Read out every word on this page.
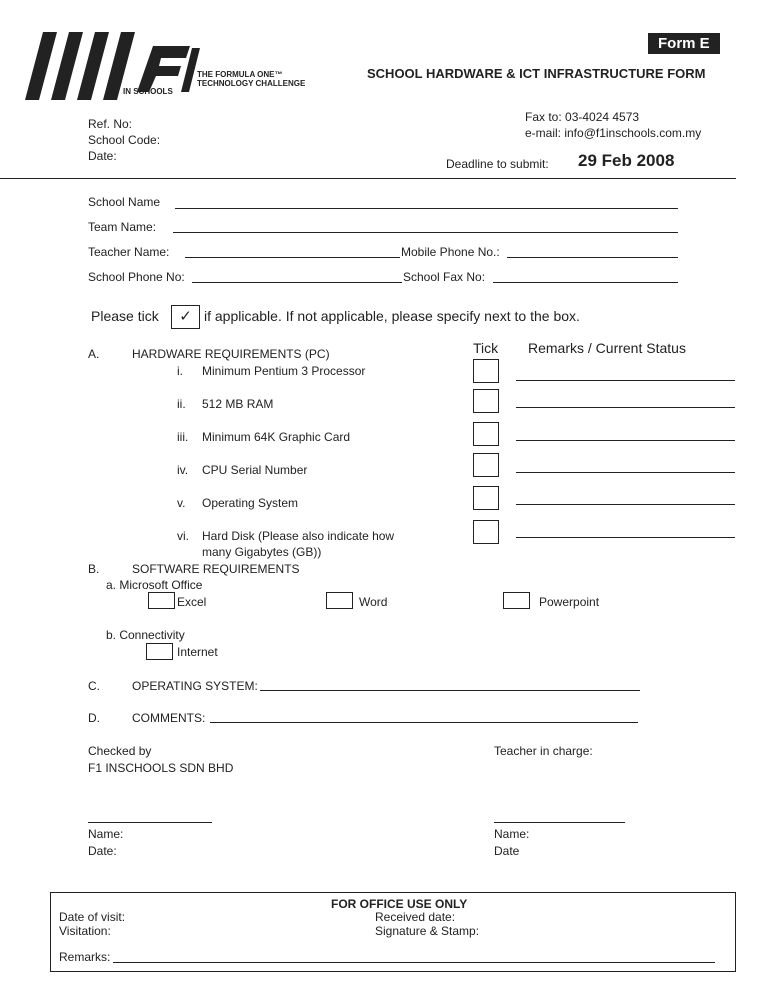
IN SCHOOLS
THE FORMULA ONE™
TECHNOLOGY CHALLENGE
Form E
SCHOOL HARDWARE & ICT INFRASTRUCTURE FORM
Ref. No:
School Code:
Date:
Fax to: 03-4024 4573
e-mail: info@f1inschools.com.my
Deadline to submit: 29 Feb 2008
School Name
Team Name:
Teacher Name:	Mobile Phone No.:
School Phone No:	School Fax No:
Please tick	✓ if applicable. If not applicable, please specify next to the box.
A.	HARDWARE REQUIREMENTS (PC)	Tick Remarks / Current Status
i. Minimum Pentium 3 Processor
ii. 512 MB RAM
iii. Minimum 64K Graphic Card
iv. CPU Serial Number
v. Operating System
vi. Hard Disk (Please also indicate how
many Gigabytes (GB))
B.	SOFTWARE REQUIREMENTS
a. Microsoft Office
Excel	Word	Powerpoint
b. Connectivity
Internet
C.	OPERATING SYSTEM:
D.	COMMENTS:
Checked by
F1 INSCHOOLS SDN BHD
Teacher in charge:
Name:
Date:
Name:
Date
FOR OFFICE USE ONLY
Date of visit:
Visitation:
Received date:
Signature & Stamp:
Remarks:
